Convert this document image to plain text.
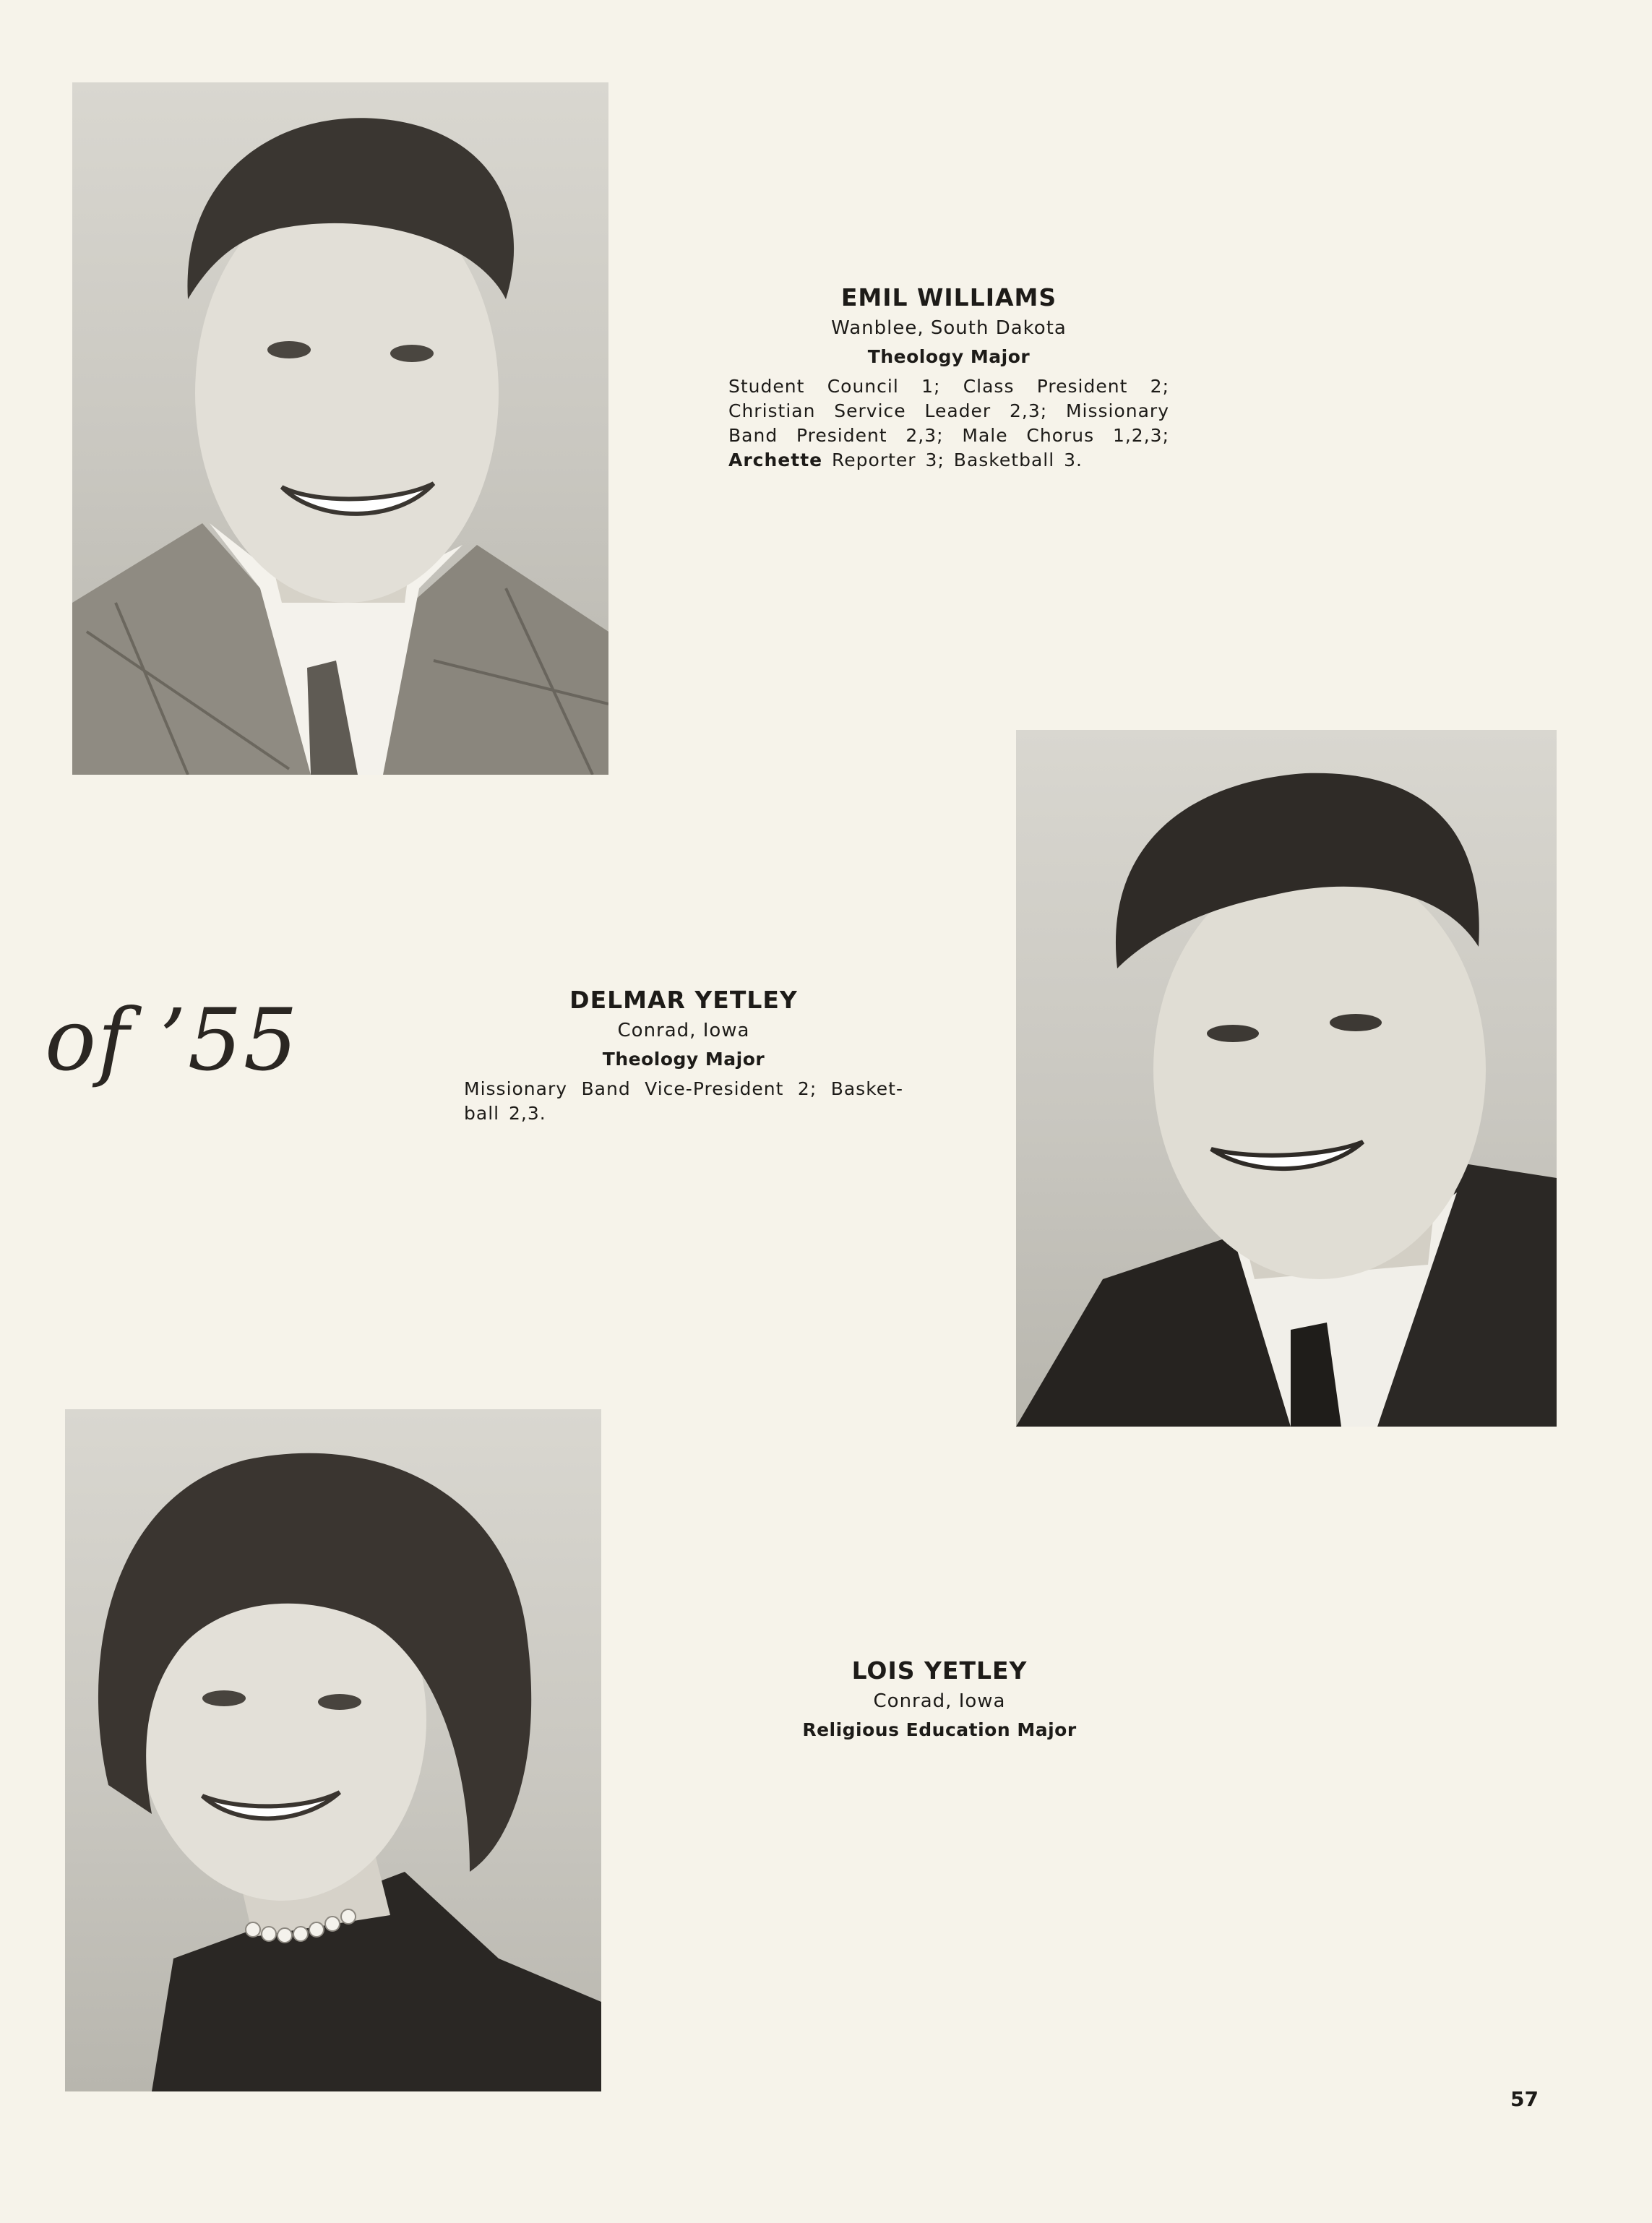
EMIL WILLIAMS
Wanblee, South Dakota
Theology Major
Student Council 1; Class President 2; Christian Service Leader 2,3; Missionary Band President 2,3; Male Chorus 1,2,3; Archette Reporter 3; Basketball 3.
of ’55	DELMAR YETLEY
Conrad, Iowa
Theology Major
Missionary Band Vice-President 2; Basket- ball 2,3.
LOIS YETLEY
Conrad, Iowa
Religious Education Major
57
